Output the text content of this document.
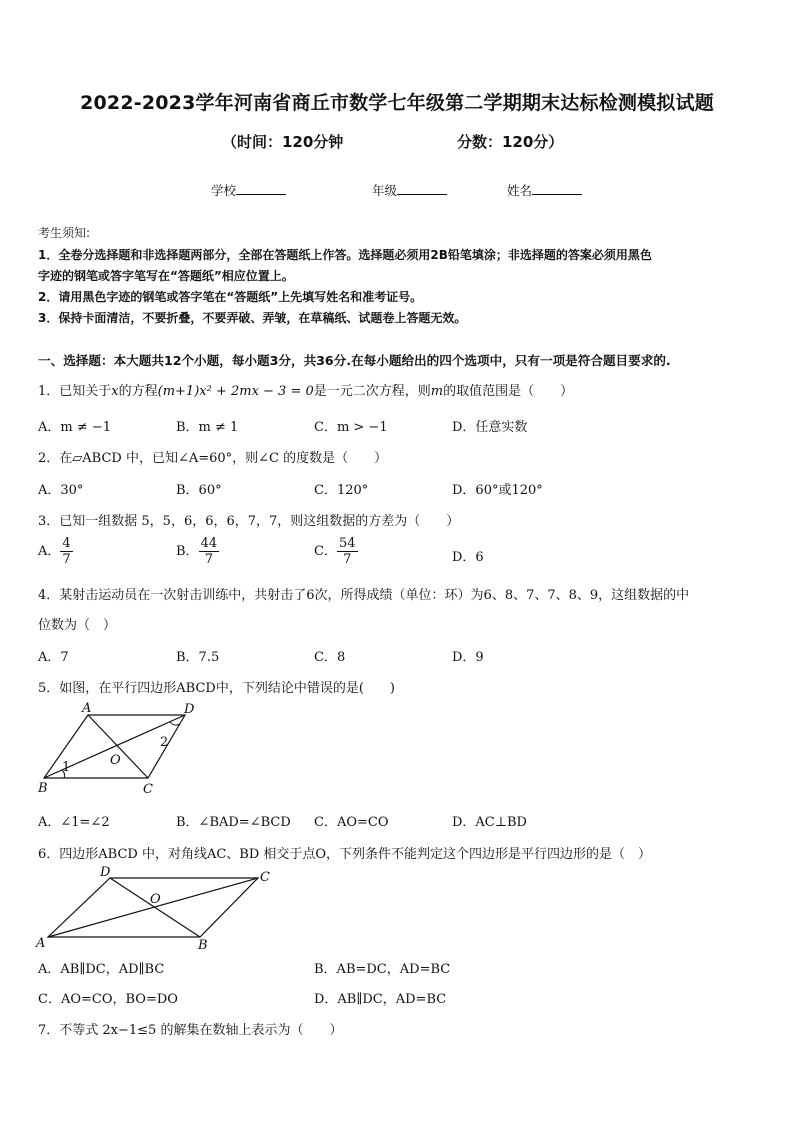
2022-2023学年河南省商丘市数学七年级第二学期期末达标检测模拟试题
（时间：120分钟	分数：120分）
学校	年级	姓名
考生须知:
1．全卷分选择题和非选择题两部分，全部在答题纸上作答。选择题必须用2B铅笔填涂；非选择题的答案必须用黑色
字迹的钢笔或答字笔写在“答题纸”相应位置上。
2．请用黑色字迹的钢笔或答字笔在“答题纸”上先填写姓名和准考证号。
3．保持卡面清洁，不要折叠，不要弄破、弄皱，在草稿纸、试题卷上答题无效。
一、选择题：本大题共12个小题，每小题3分，共36分.在每小题给出的四个选项中，只有一项是符合题目要求的.
1．已知关于x的方程(m+1)x² + 2mx − 3 = 0是一元二次方程，则m的取值范围是（　　）
A．m ≠ −1	B．m ≠ 1	C．m > −1	D．任意实数
2．在▱ABCD 中，已知∠A=60°，则∠C 的度数是（　　）
A．30°	B．60°	C．120°	D．60°或120°
3．已知一组数据 5，5，6，6，6，7，7，则这组数据的方差为（　　）
A． $\frac{4}{7}$	B． $\frac{44}{7}$	C． $\frac{54}{7}$	D．6
4．某射击运动员在一次射击训练中，共射击了6次，所得成绩（单位：环）为6、8、7、7、8、9，这组数据的中
位数为（　）
A．7	B．7.5	C．8	D．9
5．如图，在平行四边形ABCD中，下列结论中错误的是(　　)
A	D
B	C
O
1
2
A．∠1=∠2	B．∠BAD=∠BCD C．AO=CO	D．AC⊥BD
6．四边形ABCD 中，对角线AC、BD 相交于点O，下列条件不能判定这个四边形是平行四边形的是（　）
D	C
A	B
O
A．AB∥DC，AD∥BC	B．AB=DC，AD=BC
C．AO=CO，BO=DO	D．AB∥DC，AD=BC
7．不等式 2x−1≤5 的解集在数轴上表示为（　　）
